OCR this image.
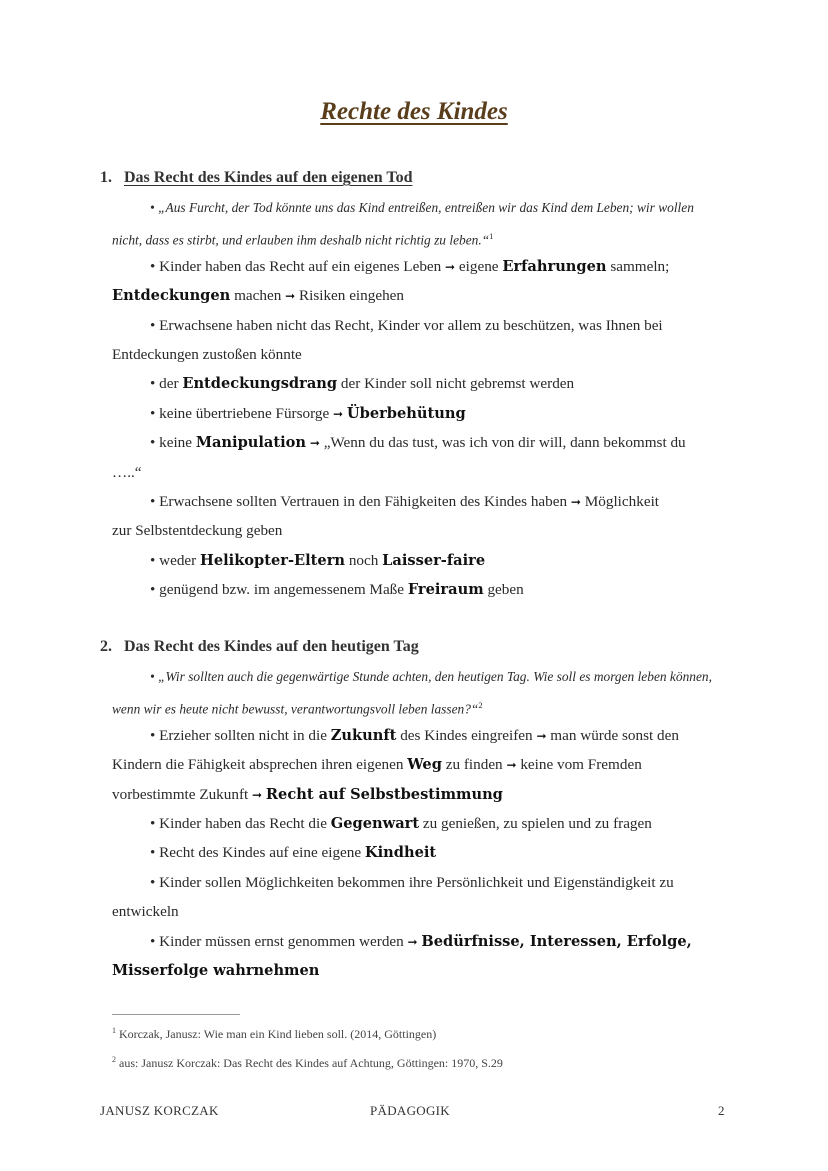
Rechte des Kindes
1. Das Recht des Kindes auf den eigenen Tod
• „Aus Furcht, der Tod könnte uns das Kind entreißen, entreißen wir das Kind dem Leben; wir wollen
nicht, dass es stirbt, und erlauben ihm deshalb nicht richtig zu leben.“$^1$
• Kinder haben das Recht auf ein eigenes Leben ➞ eigene Erfahrungen sammeln;
Entdeckungen machen ➞ Risiken eingehen
• Erwachsene haben nicht das Recht, Kinder vor allem zu beschützen, was Ihnen bei
Entdeckungen zustoßen könnte
• der Entdeckungsdrang der Kinder soll nicht gebremst werden
• keine übertriebene Fürsorge ➞ Überbehütung
• keine Manipulation ➞ „Wenn du das tust, was ich von dir will, dann bekommst du
…..“
• Erwachsene sollten Vertrauen in den Fähigkeiten des Kindes haben ➞ Möglichkeit
zur Selbstentdeckung geben
• weder Helikopter-Eltern noch Laisser-faire
• genügend bzw. im angemessenem Maße Freiraum geben
2. Das Recht des Kindes auf den heutigen Tag
• „Wir sollten auch die gegenwärtige Stunde achten, den heutigen Tag. Wie soll es morgen leben können,
wenn wir es heute nicht bewusst, verantwortungsvoll leben lassen?“$^2$
• Erzieher sollten nicht in die Zukunft des Kindes eingreifen ➞ man würde sonst den
Kindern die Fähigkeit absprechen ihren eigenen Weg zu finden ➞ keine vom Fremden
vorbestimmte Zukunft ➞ Recht auf Selbstbestimmung
• Kinder haben das Recht die Gegenwart zu genießen, zu spielen und zu fragen
• Recht des Kindes auf eine eigene Kindheit
• Kinder sollen Möglichkeiten bekommen ihre Persönlichkeit und Eigenständigkeit zu
entwickeln
• Kinder müssen ernst genommen werden ➞ Bedürfnisse, Interessen, Erfolge,
Misserfolge wahrnehmen
$^1$ Korczak, Janusz: Wie man ein Kind lieben soll. (2014, Göttingen)
$^2$ aus: Janusz Korczak: Das Recht des Kindes auf Achtung, Göttingen: 1970, S.29
JANUSZ KORCZAK	PÄDAGOGIK	2
